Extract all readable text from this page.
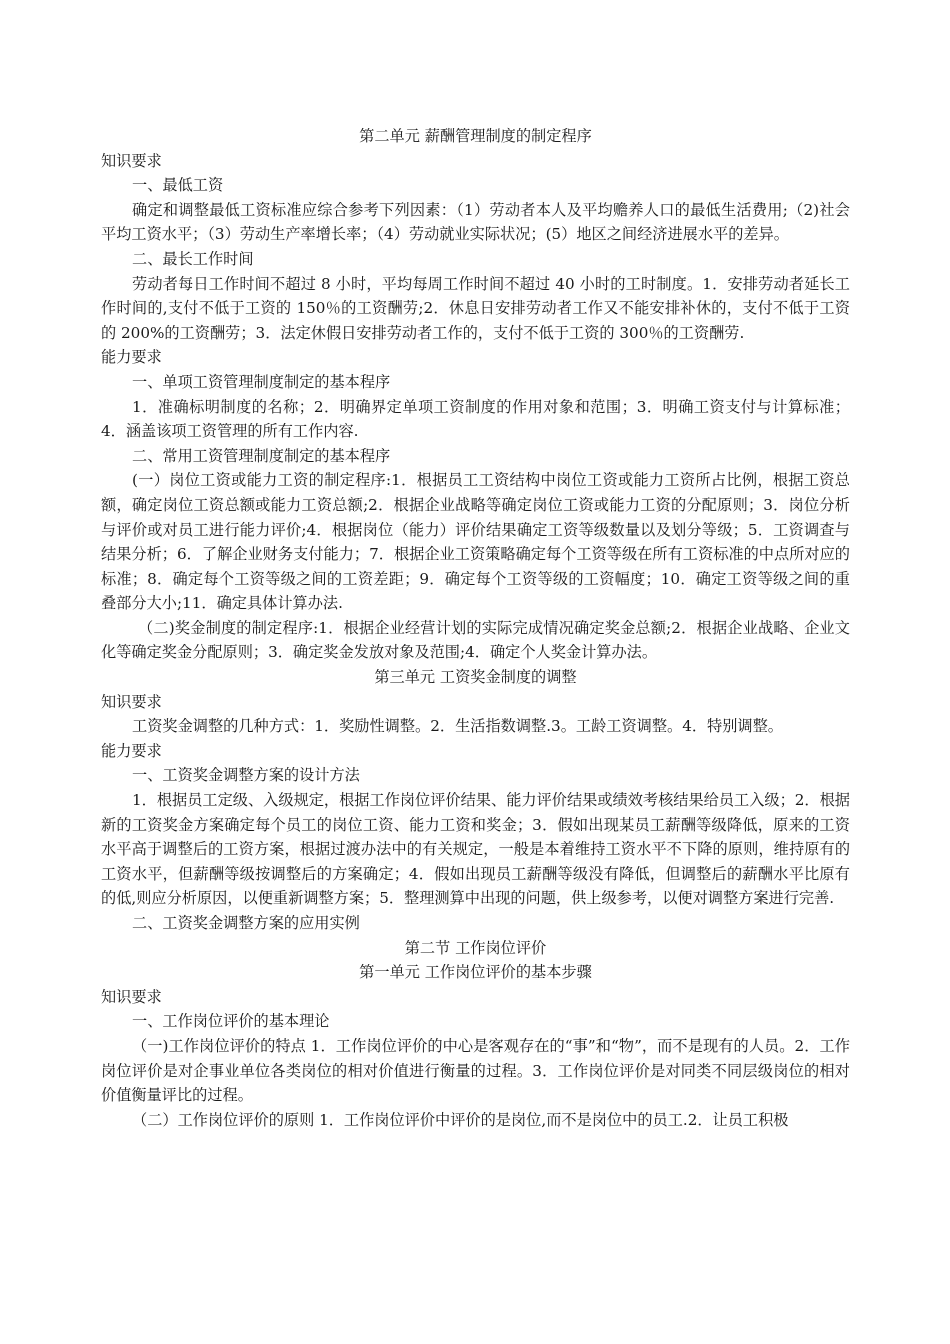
第二单元 薪酬管理制度的制定程序

知识要求

一、最低工资

确定和调整最低工资标准应综合参考下列因素：（1）劳动者本人及平均赡养人口的最低生活费用;（2)社会平均工资水平；（3）劳动生产率增长率；（4）劳动就业实际状况；(5）地区之间经济进展水平的差异。

二、最长工作时间

劳动者每日工作时间不超过 8 小时，平均每周工作时间不超过 40 小时的工时制度。1．安排劳动者延长工作时间的,支付不低于工资的 150％的工资酬劳;2．休息日安排劳动者工作又不能安排补休的，支付不低于工资的 200%的工资酬劳；3．法定休假日安排劳动者工作的，支付不低于工资的 300％的工资酬劳.

能力要求

一、单项工资管理制度制定的基本程序

1．准确标明制度的名称；2．明确界定单项工资制度的作用对象和范围；3．明确工资支付与计算标准；4．涵盖该项工资管理的所有工作内容.

二、常用工资管理制度制定的基本程序

(一）岗位工资或能力工资的制定程序:1．根据员工工资结构中岗位工资或能力工资所占比例，根据工资总额，确定岗位工资总额或能力工资总额;2．根据企业战略等确定岗位工资或能力工资的分配原则；3．岗位分析与评价或对员工进行能力评价;4．根据岗位（能力）评价结果确定工资等级数量以及划分等级；5．工资调查与结果分析；6．了解企业财务支付能力；7．根据企业工资策略确定每个工资等级在所有工资标准的中点所对应的标准；8．确定每个工资等级之间的工资差距；9．确定每个工资等级的工资幅度；10．确定工资等级之间的重叠部分大小;11．确定具体计算办法.

（二)奖金制度的制定程序:1．根据企业经营计划的实际完成情况确定奖金总额;2．根据企业战略、企业文化等确定奖金分配原则；3．确定奖金发放对象及范围;4．确定个人奖金计算办法。

第三单元 工资奖金制度的调整

知识要求

工资奖金调整的几种方式：1．奖励性调整。2．生活指数调整.3。工龄工资调整。4．特别调整。

能力要求

一、工资奖金调整方案的设计方法

1．根据员工定级、入级规定，根据工作岗位评价结果、能力评价结果或绩效考核结果给员工入级；2．根据新的工资奖金方案确定每个员工的岗位工资、能力工资和奖金；3．假如出现某员工薪酬等级降低，原来的工资水平高于调整后的工资方案，根据过渡办法中的有关规定，一般是本着维持工资水平不下降的原则，维持原有的工资水平，但薪酬等级按调整后的方案确定；4．假如出现员工薪酬等级没有降低，但调整后的薪酬水平比原有的低,则应分析原因，以便重新调整方案；5．整理测算中出现的问题，供上级参考，以便对调整方案进行完善.

二、工资奖金调整方案的应用实例

第二节 工作岗位评价

第一单元 工作岗位评价的基本步骤

知识要求

一、工作岗位评价的基本理论

（一)工作岗位评价的特点 1．工作岗位评价的中心是客观存在的“事”和“物”，而不是现有的人员。2．工作岗位评价是对企事业单位各类岗位的相对价值进行衡量的过程。3．工作岗位评价是对同类不同层级岗位的相对价值衡量评比的过程。

（二）工作岗位评价的原则 1．工作岗位评价中评价的是岗位,而不是岗位中的员工.2．让员工积极
